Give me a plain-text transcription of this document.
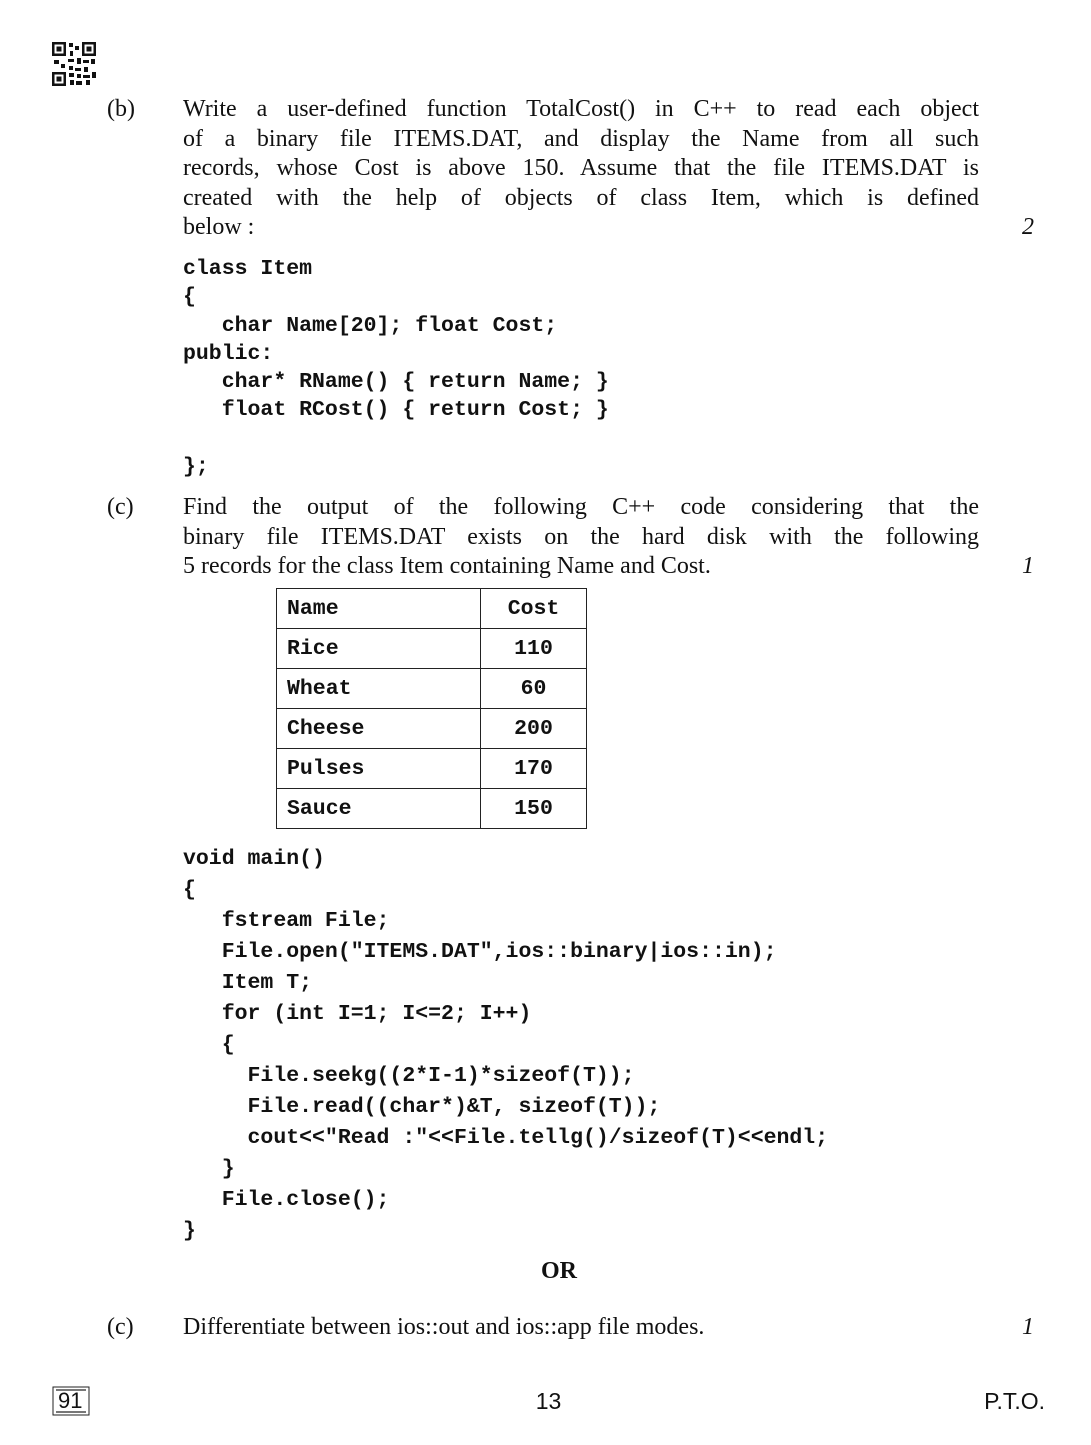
(b) Write a user-defined function TotalCost() in C++ to read each object
of a binary file ITEMS.DAT, and display the Name from all such
records, whose Cost is above 150. Assume that the file ITEMS.DAT is
created with the help of objects of class Item, which is defined
below :	2
class Item
{
char Name[20]; float Cost;
public:
char* RName() { return Name; }
float RCost() { return Cost; }

};
(c) Find the output of the following C++ code considering that the
binary file ITEMS.DAT exists on the hard disk with the following
5 records for the class Item containing Name and Cost.	1
Name	Cost
Rice	110
Wheat	60
Cheese	200
Pulses	170
Sauce	150
void main()
{
fstream File;
File.open("ITEMS.DAT",ios::binary|ios::in);
Item T;
for (int I=1; I<=2; I++)
{
File.seekg((2*I-1)*sizeof(T));
File.read((char*)&T, sizeof(T));
cout<<"Read :"<<File.tellg()/sizeof(T)<<endl;
}
File.close();
}
OR
(c) Differentiate between ios::out and ios::app file modes.	1
91	13	P.T.O.
